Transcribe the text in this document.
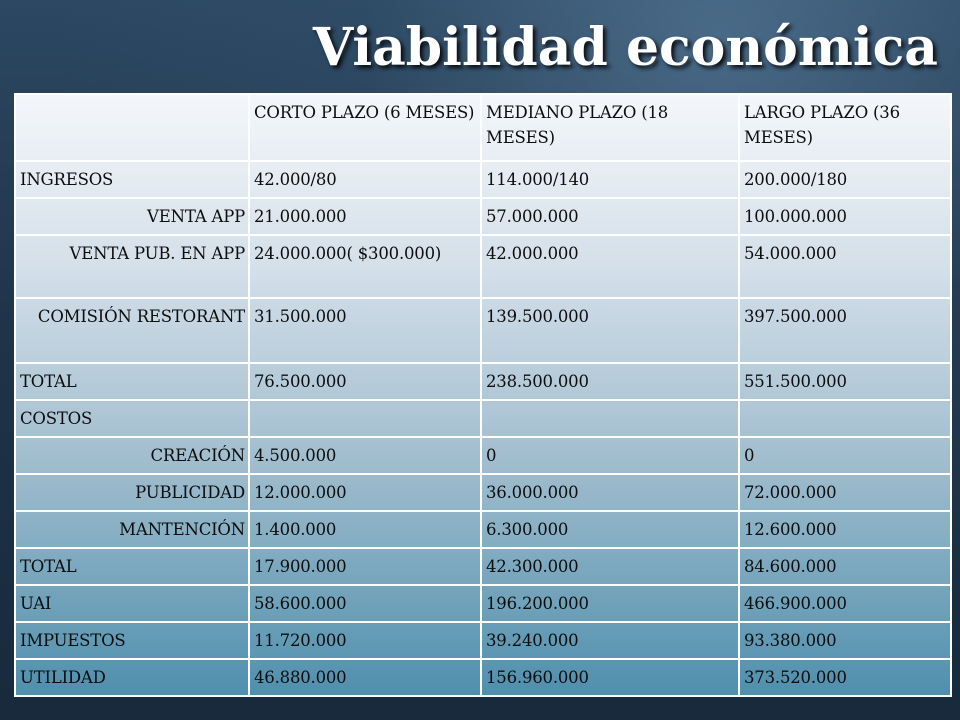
Viabilidad económica
	CORTO PLAZO (6 MESES)	MEDIANO PLAZO (18 MESES)	LARGO PLAZO (36 MESES)
INGRESOS	42.000/80	114.000/140	200.000/180
VENTA APP	21.000.000	57.000.000	100.000.000
VENTA PUB. EN APP	24.000.000( $300.000)	42.000.000	54.000.000
COMISIÓN RESTORANT	31.500.000	139.500.000	397.500.000
TOTAL	76.500.000	238.500.000	551.500.000
COSTOS			
CREACIÓN	4.500.000	0	0
PUBLICIDAD	12.000.000	36.000.000	72.000.000
MANTENCIÓN	1.400.000	6.300.000	12.600.000
TOTAL	17.900.000	42.300.000	84.600.000
UAI	58.600.000	196.200.000	466.900.000
IMPUESTOS	11.720.000	39.240.000	93.380.000
UTILIDAD	46.880.000	156.960.000	373.520.000
